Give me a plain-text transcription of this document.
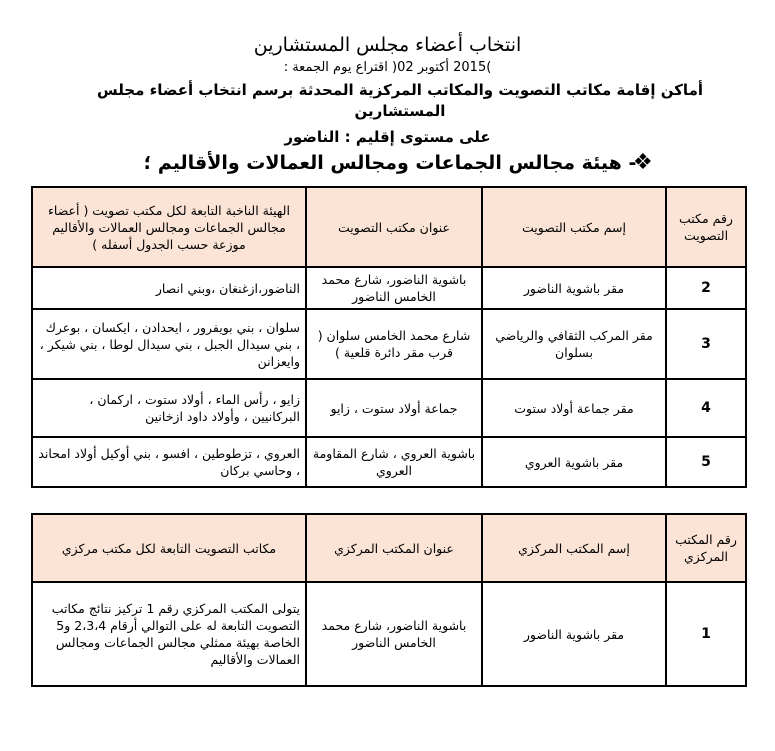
انتخاب أعضاء مجلس المستشارين
)2015 أكتوبر 02( اقتراع يوم الجمعة :
أماكن إقامة مكاتب التصويت والمكاتب المركزية المحدثة برسم انتخاب أعضاء مجلس المستشارين
على مستوى إقليم : الناضور
❖
- هيئة مجالس الجماعات ومجالس العمالات والأقاليم ؛
رقم مكتب التصويت	إسم مكتب التصويت	عنوان مكتب التصويت	الهيئة الناخبة التابعة لكل مكتب تصويت ( أعضاء مجالس الجماعات ومجالس العمالات والأقاليم موزعة حسب الجدول أسفله )
2	مقر باشوية الناضور	باشوية الناضور، شارع محمد الخامس الناضور	الناضور،ازغنغان ،وبني انصار
3	مقر المركب الثقافي والرياضي بسلوان	شارع محمد الخامس سلوان ( قرب مقر دائرة قلعية )	سلوان ، بني بويفرور ، ايحدادن ، ايكسان ، بوعرك ، بني سيدال الجبل ، بني سيدال لوطا ، بني شيكر ، وايعزانن
4	مقر جماعة أولاد ستوت	جماعة أولاد ستوت ، زايو	زايو ، رأس الماء ، أولاد ستوت ، اركمان ، البركانيين ، وأولاد داود ازخانين
5	مقر باشوية العروي	باشوية العروي ، شارع المقاومة العروي	العروي ، تزطوطين ، افسو ، بني أوكيل أولاد امحاند ، وحاسي بركان
رقم المكتب المركزي	إسم المكتب المركزي	عنوان المكتب المركزي	مكاتب التصويت التابعة لكل مكتب مركزي
1	مقر باشوية الناضور	باشوية الناضور، شارع محمد الخامس الناضور	يتولى المكتب المركزي رقم 1 تركيز نتائج مكاتب التصويت التابعة له على التوالي أرقام 2،3،4 و5 الخاصة بهيئة ممثلي مجالس الجماعات ومجالس العمالات والأقاليم
